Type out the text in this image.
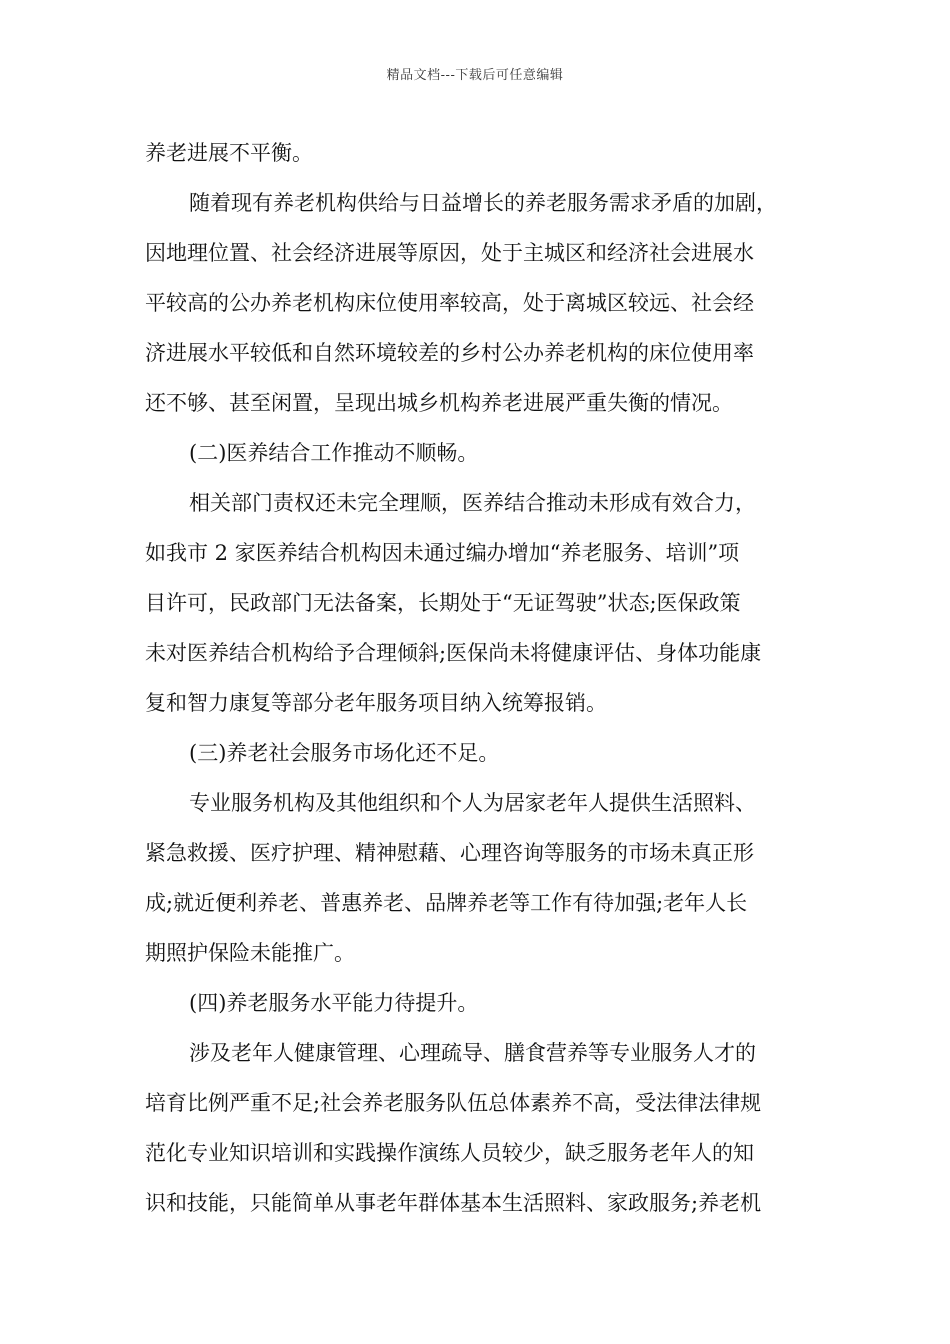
精品文档---下载后可任意编辑
养老进展不平衡。
随着现有养老机构供给与日益增长的养老服务需求矛盾的加剧，
因地理位置、社会经济进展等原因，处于主城区和经济社会进展水
平较高的公办养老机构床位使用率较高，处于离城区较远、社会经
济进展水平较低和自然环境较差的乡村公办养老机构的床位使用率
还不够、甚至闲置，呈现出城乡机构养老进展严重失衡的情况。
(二)医养结合工作推动不顺畅。
相关部门责权还未完全理顺，医养结合推动未形成有效合力，
如我市 2 家医养结合机构因未通过编办增加“养老服务、培训”项
目许可，民政部门无法备案，长期处于“无证驾驶”状态;医保政策
未对医养结合机构给予合理倾斜;医保尚未将健康评估、身体功能康
复和智力康复等部分老年服务项目纳入统筹报销。
(三)养老社会服务市场化还不足。
专业服务机构及其他组织和个人为居家老年人提供生活照料、
紧急救援、医疗护理、精神慰藉、心理咨询等服务的市场未真正形
成;就近便利养老、普惠养老、品牌养老等工作有待加强;老年人长
期照护保险未能推广。
(四)养老服务水平能力待提升。
涉及老年人健康管理、心理疏导、膳食营养等专业服务人才的
培育比例严重不足;社会养老服务队伍总体素养不高，受法律法律规
范化专业知识培训和实践操作演练人员较少，缺乏服务老年人的知
识和技能，只能简单从事老年群体基本生活照料、家政服务;养老机
